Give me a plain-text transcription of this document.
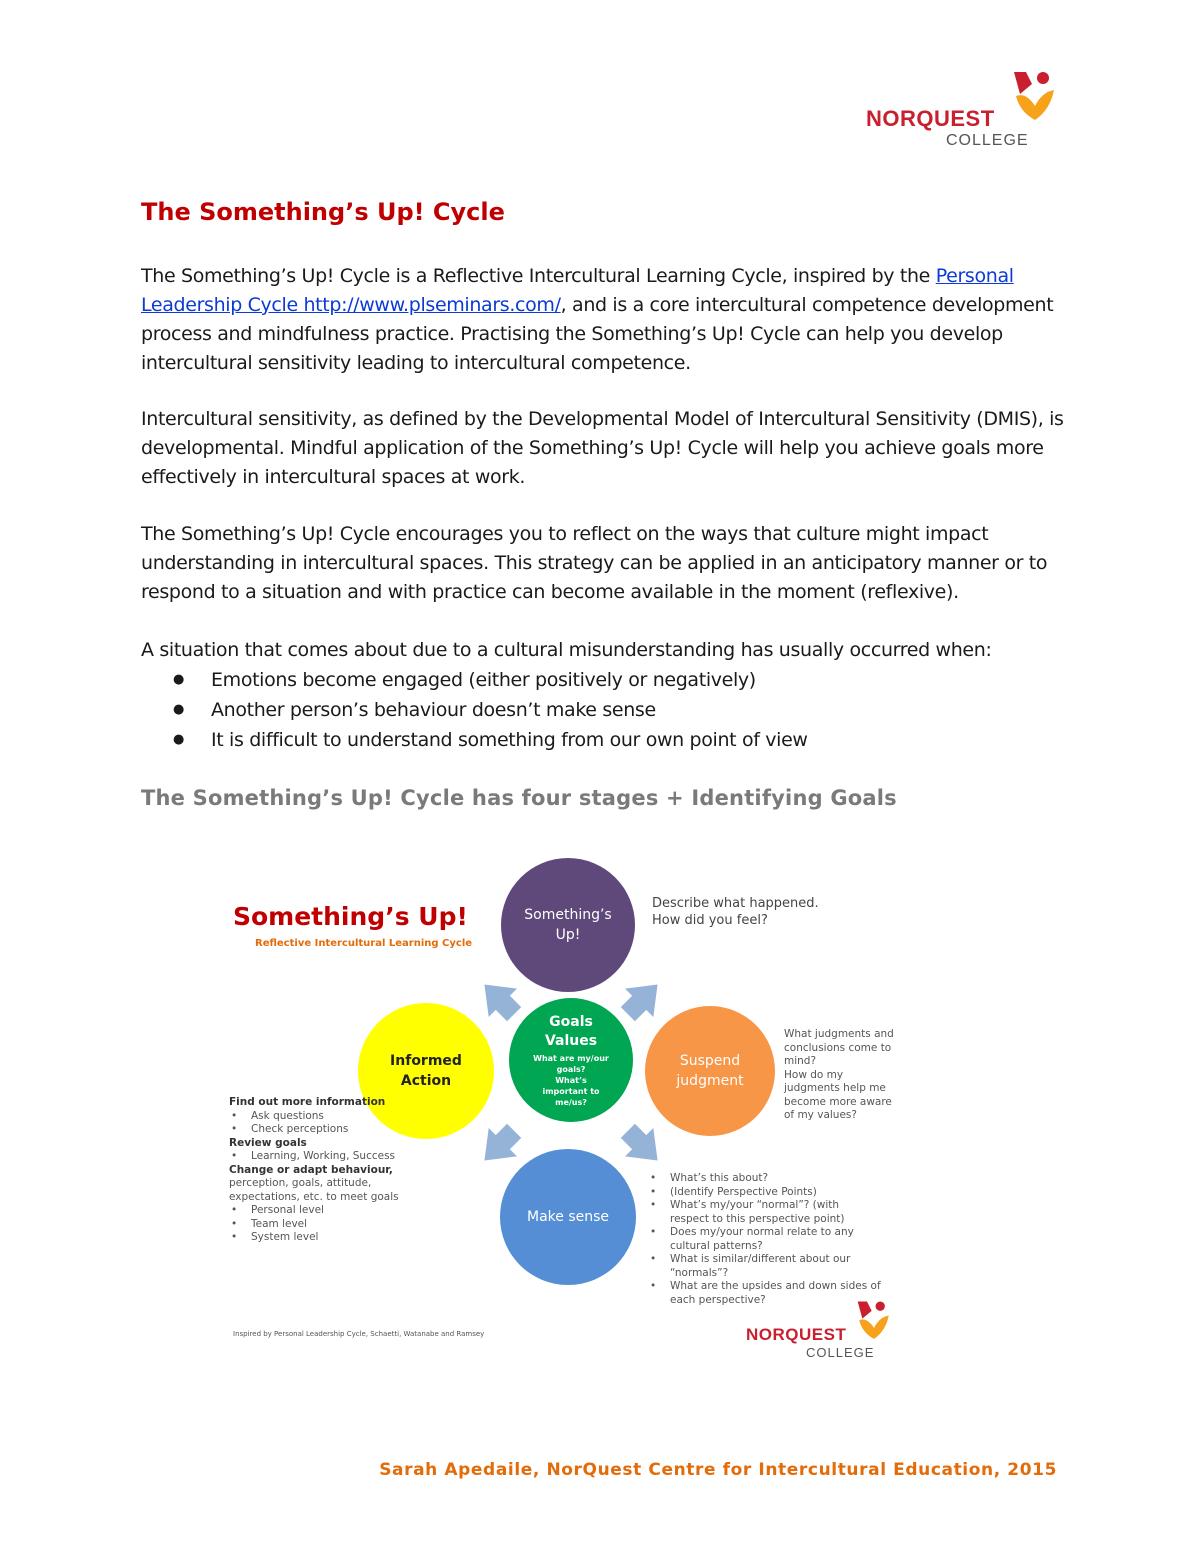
NORQUEST
COLLEGE
The Something’s Up! Cycle

The Something’s Up! Cycle is a Reflective Intercultural Learning Cycle, inspired by the Personal Leadership Cycle http://www.plseminars.com/, and is a core intercultural competence development process and mindfulness practice. Practising the Something’s Up! Cycle can help you develop intercultural sensitivity leading to intercultural competence.

Intercultural sensitivity, as defined by the Developmental Model of Intercultural Sensitivity (DMIS), is developmental. Mindful application of the Something’s Up! Cycle will help you achieve goals more effectively in intercultural spaces at work.

The Something’s Up! Cycle encourages you to reflect on the ways that culture might impact understanding in intercultural spaces. This strategy can be applied in an anticipatory manner or to respond to a situation and with practice can become available in the moment (reflexive).

A situation that comes about due to a cultural misunderstanding has usually occurred when:

● Emotions become engaged (either positively or negatively)
● Another person’s behaviour doesn’t make sense
● It is difficult to understand something from our own point of view
The Something’s Up! Cycle has four stages + Identifying Goals
Something’s Up!
Reflective Intercultural Learning Cycle
Something’s Up!
Describe what happened.
How did you feel?
Informed Action
Goals
Values
What are my/our goals?
What’s important to me/us?
Suspend judgment
What judgments and
conclusions come to
mind?
How do my
judgments help me
become more aware
of my values?
Make sense
• What’s this about?
• (Identify Perspective Points)
• What’s my/your “normal”? (with
respect to this perspective point)
• Does my/your normal relate to any
cultural patterns?
• What is similar/different about our
“normals”?
• What are the upsides and down sides of
each perspective?
Find out more information
• Ask questions
• Check perceptions
Review goals
• Learning, Working, Success
Change or adapt behaviour,
perception, goals, attitude,
expectations, etc. to meet goals
• Personal level
• Team level
• System level
Inspired by Personal Leadership Cycle, Schaetti, Watanabe and Ramsey	NORQUEST
COLLEGE
Sarah Apedaile, NorQuest Centre for Intercultural Education, 2015
